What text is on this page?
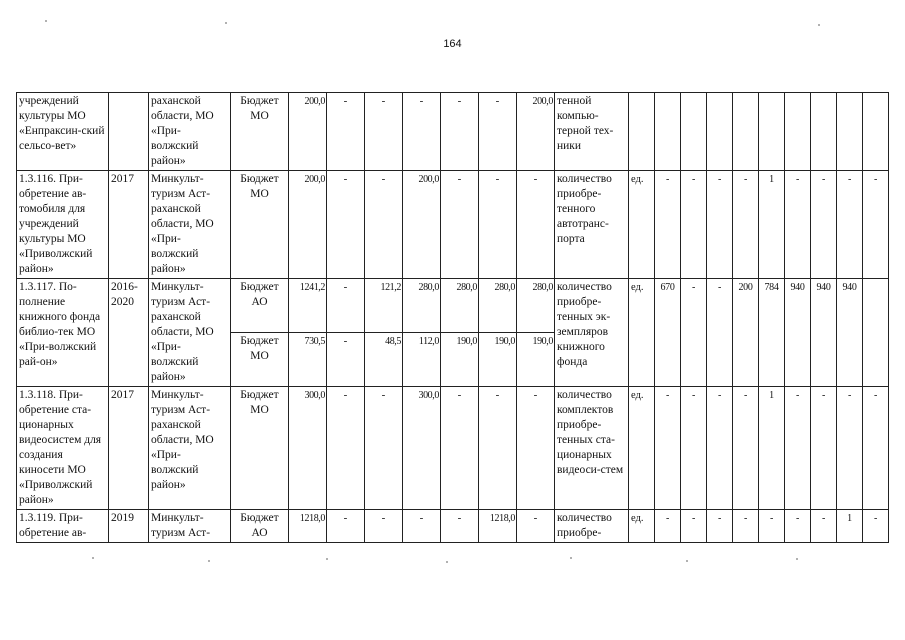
164
учреждений культуры МО «Енпраксин-ский сельсо-вет»		раханской области, МО «При-волжский район»	Бюджет МО	200,0	-	-	-	-	-	200,0	тенной компью-терной тех-ники										
1.3.116. При-обретение ав-томобиля для учреждений культуры МО «Приволжский район»	2017	Минкульт-туризм Аст-раханской области, МО «При-волжский район»	Бюджет МО	200,0	-	-	200,0	-	-	-	количество приобре-тенного автотранс-порта	ед.	-	-	-	-	1	-	-	-	-
1.3.117. По-полнение книжного фонда библио-тек МО «При-волжский рай-он»	2016-2020	Минкульт-туризм Аст-раханской области, МО «При-волжский район»	Бюджет АО	1241,2	-	121,2	280,0	280,0	280,0	280,0	количество приобре-тенных эк-земпляров книжного фонда	ед.	670	-	-	200	784	940	940	940	
			Бюджет МО	730,5	-	48,5	112,0	190,0	190,0	190,0											
1.3.118. При-обретение ста-ционарных видеосистем для создания киносети МО «Приволжский район»	2017	Минкульт-туризм Аст-раханской области, МО «При-волжский район»	Бюджет МО	300,0	-	-	300,0	-	-	-	количество комплектов приобре-тенных ста-ционарных видеоси-стем	ед.	-	-	-	-	1	-	-	-	-
1.3.119. При-обретение ав-	2019	Минкульт-туризм Аст-	Бюджет АО	1218,0	-	-	-	-	1218,0	-	количество приобре-	ед.	-	-	-	-	-	-	-	1	-
